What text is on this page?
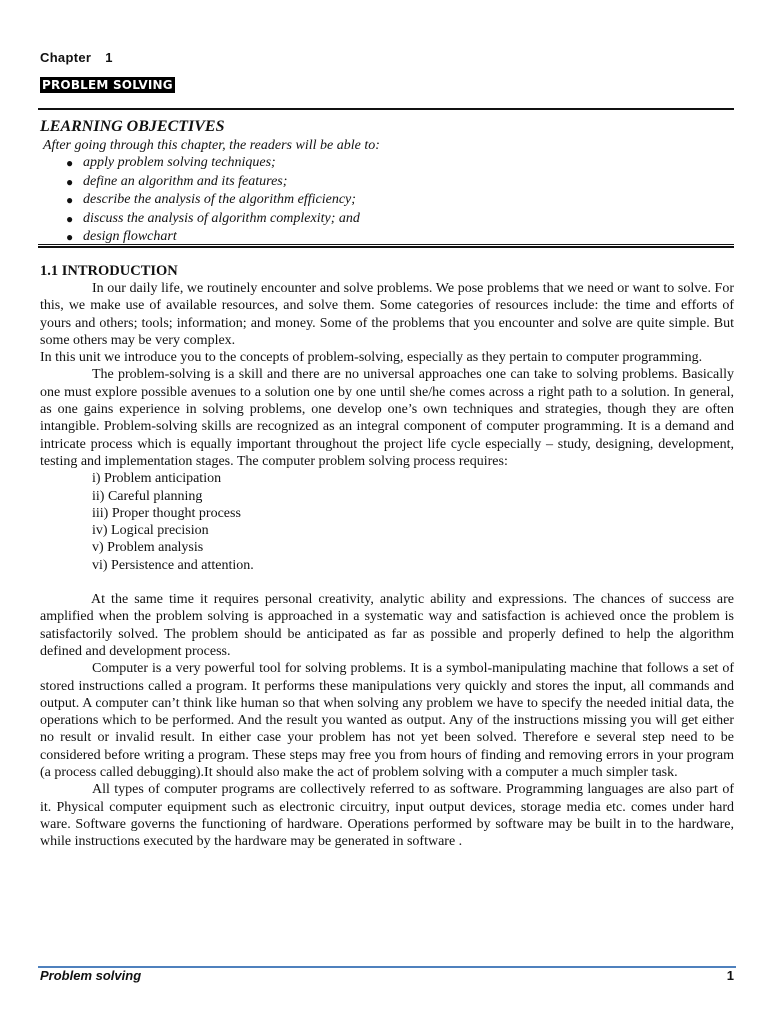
Chapter 1
PROBLEM SOLVING
LEARNING OBJECTIVES
After going through this chapter, the readers will be able to:
● apply problem solving techniques;
● define an algorithm and its features;
● describe the analysis of the algorithm efficiency;
● discuss the analysis of algorithm complexity; and
● design flowchart
1.1 INTRODUCTION

In our daily life, we routinely encounter and solve problems. We pose problems that we need or want to solve. For this, we make use of available resources, and solve them. Some categories of resources include: the time and efforts of yours and others; tools; information; and money. Some of the problems that you encounter and solve are quite simple. But some others may be very complex.

In this unit we introduce you to the concepts of problem-solving, especially as they pertain to computer programming.

The problem-solving is a skill and there are no universal approaches one can take to solving problems. Basically one must explore possible avenues to a solution one by one until she/he comes across a right path to a solution. In general, as one gains experience in solving problems, one develop one’s own techniques and strategies, though they are often intangible. Problem-solving skills are recognized as an integral component of computer programming. It is a demand and intricate process which is equally important throughout the project life cycle especially – study, designing, development, testing and implementation stages. The computer problem solving process requires:

i) Problem anticipation
ii) Careful planning
iii) Proper thought process
iv) Logical precision
v) Problem analysis
vi) Persistence and attention.

At the same time it requires personal creativity, analytic ability and expressions. The chances of success are amplified when the problem solving is approached in a systematic way and satisfaction is achieved once the problem is satisfactorily solved. The problem should be anticipated as far as possible and properly defined to help the algorithm defined and development process.

Computer is a very powerful tool for solving problems. It is a symbol-manipulating machine that follows a set of stored instructions called a program. It performs these manipulations very quickly and stores the input, all commands and output. A computer can’t think like human so that when solving any problem we have to specify the needed initial data, the operations which to be performed. And the result you wanted as output. Any of the instructions missing you will get either no result or invalid result. In either case your problem has not yet been solved. Therefore e several step need to be considered before writing a program. These steps may free you from hours of finding and removing errors in your program (a process called debugging).It should also make the act of problem solving with a computer a much simpler task.

All types of computer programs are collectively referred to as software. Programming languages are also part of it. Physical computer equipment such as electronic circuitry, input output devices, storage media etc. comes under hard ware. Software governs the functioning of hardware. Operations performed by software may be built in to the hardware, while instructions executed by the hardware may be generated in software .

Problem solving	1
